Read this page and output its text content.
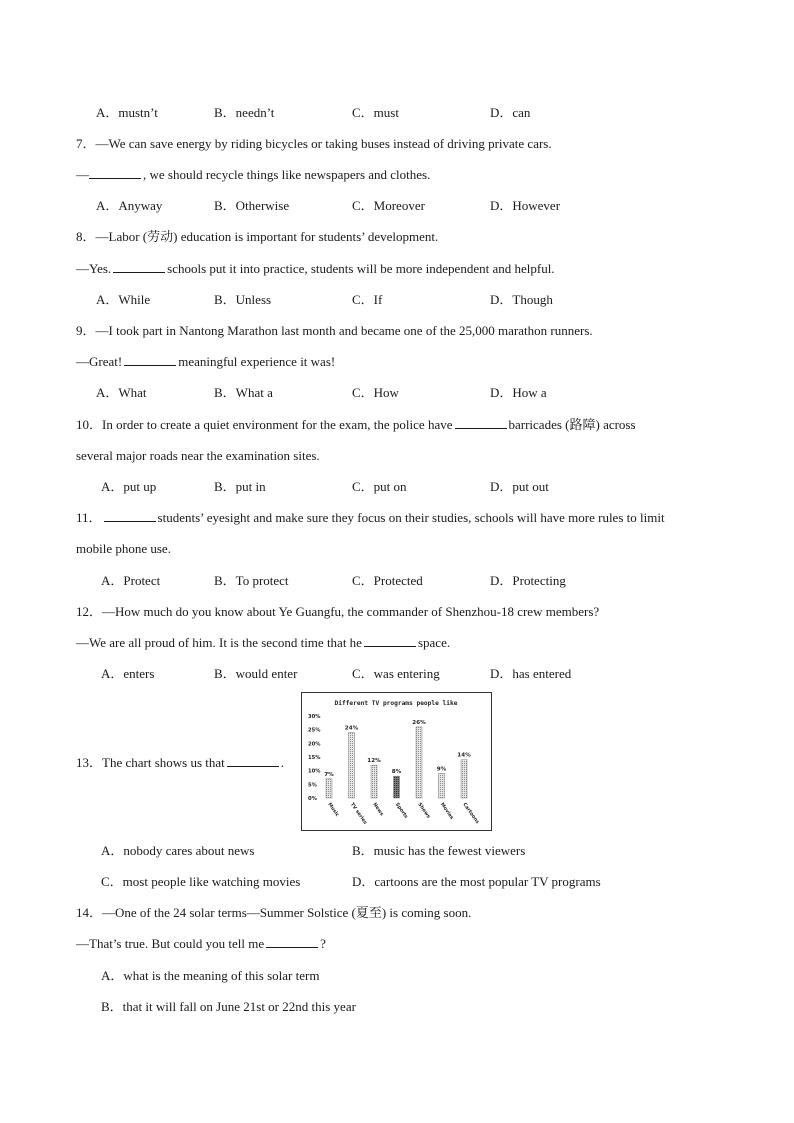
A．mustn’t	B．needn’t	C．must	D．can
7．—We can save energy by riding bicycles or taking buses instead of driving private cars.
—	, we should recycle things like newspapers and clothes.
A．Anyway	B．Otherwise	C．Moreover	D．However
8．—Labor (劳动) education is important for students’ development.
—Yes.	schools put it into practice, students will be more independent and helpful.
A．While	B．Unless	C．If	D．Though
9．—I took part in Nantong Marathon last month and became one of the 25,000 marathon runners.
—Great!	meaningful experience it was!
A．What	B．What a	C．How	D．How a
10．In order to create a quiet environment for the exam, the police have	barricades (路障) across
several major roads near the examination sites.
A．put up	B．put in	C．put on	D．put out
11．	students’ eyesight and make sure they focus on their studies, schools will have more rules to limit
mobile phone use.
A．Protect	B．To protect	C．Protected	D．Protecting
12．—How much do you know about Ye Guangfu, the commander of Shenzhou-18 crew members?
—We are all proud of him. It is the second time that he	space.
A．enters	B．would enter	C．was entering	D．has entered
13．The chart shows us that	.
Different TV programs people like
30%
25%
20%
15%
10%
5%
0%
7%
24%
12%
8%
26%
9%
14%
Music TV series News Sports Shows Movies Cartoons
A．nobody cares about news	B．music has the fewest viewers
C．most people like watching movies	D．cartoons are the most popular TV programs
14．—One of the 24 solar terms—Summer Solstice (夏至) is coming soon.
—That’s true. But could you tell me	?
A．what is the meaning of this solar term
B．that it will fall on June 21st or 22nd this year
